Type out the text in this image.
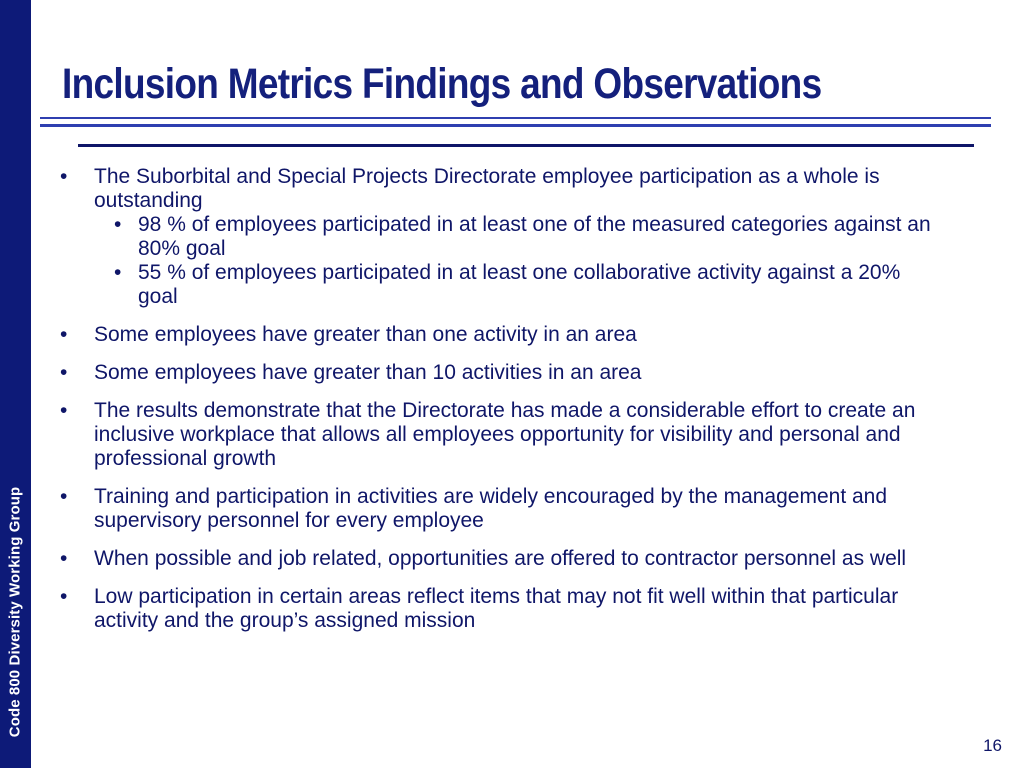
Code 800 Diversity Working Group
Inclusion Metrics Findings and Observations
• The Suborbital and Special Projects Directorate employee participation as a whole is outstanding
• 98 % of employees participated in at least one of the measured categories against an 80% goal
• 55 % of employees participated in at least one collaborative activity against a 20% goal
• Some employees have greater than one activity in an area
• Some employees have greater than 10 activities in an area
• The results demonstrate that the Directorate has made a considerable effort to create an inclusive workplace that allows all employees opportunity for visibility and personal and professional growth
• Training and participation in activities are widely encouraged by the management and supervisory personnel for every employee
• When possible and job related, opportunities are offered to contractor personnel as well
• Low participation in certain areas reflect items that may not fit well within that particular activity and the group’s assigned mission
16
